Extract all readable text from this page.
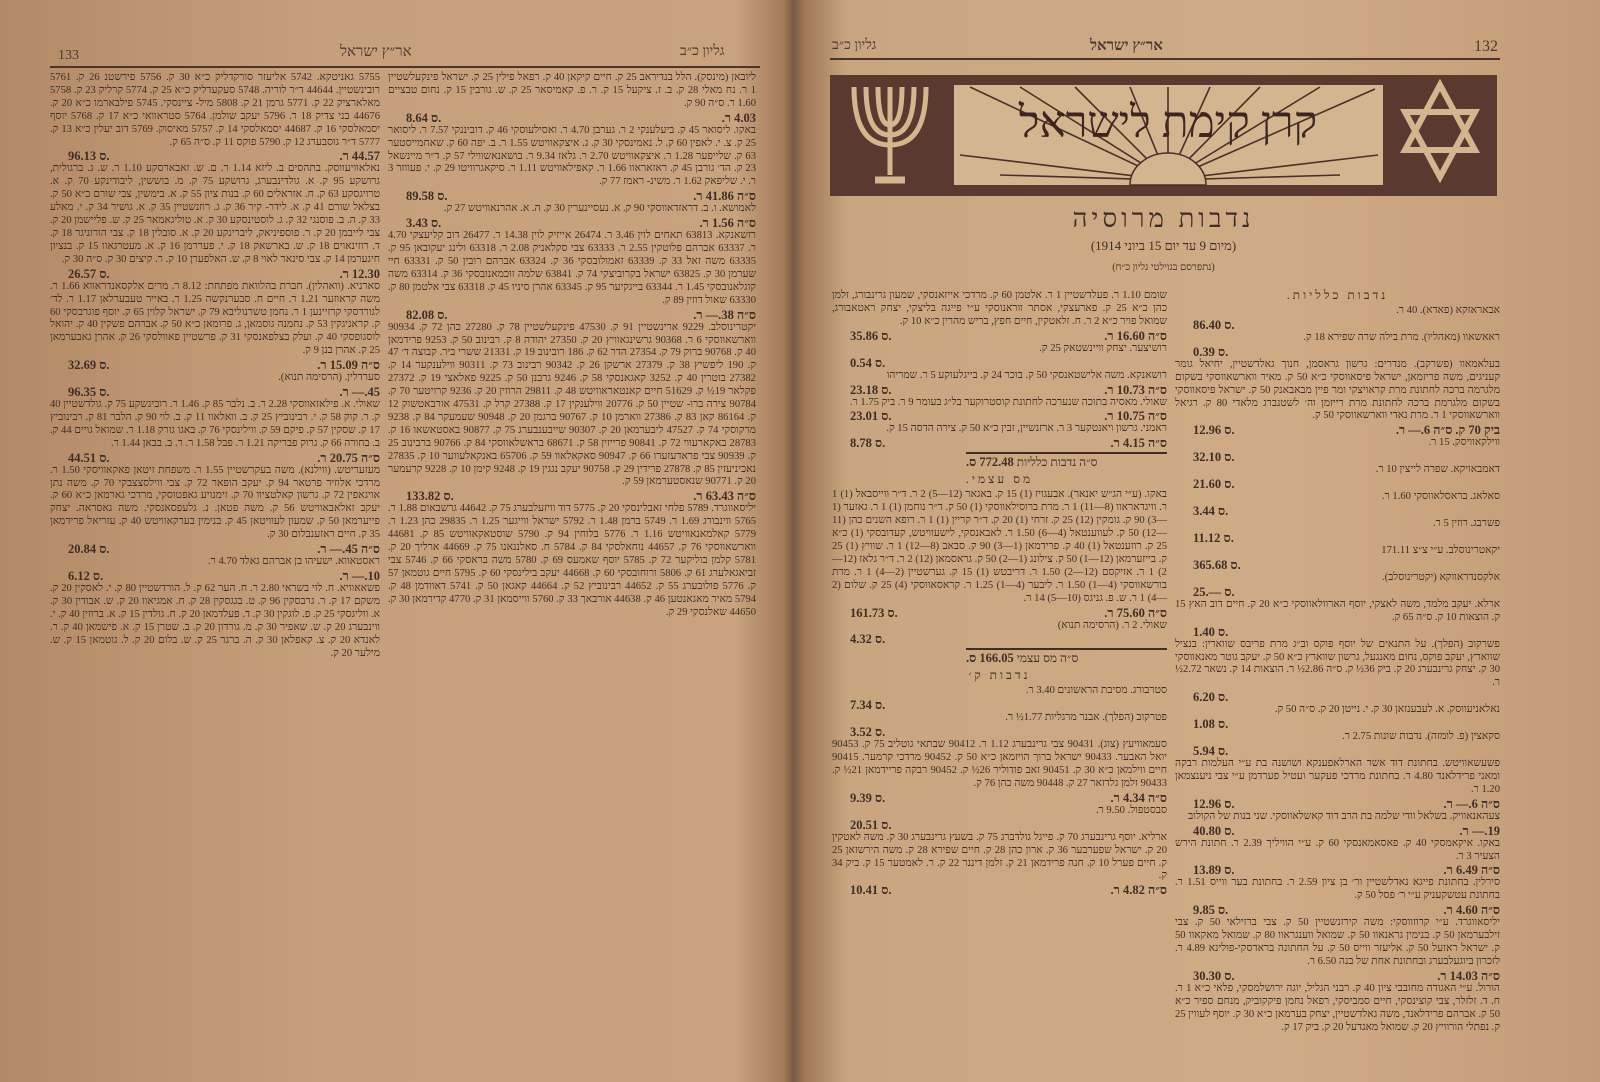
133	אר״ץ ישראל	גליון כ״ב
5755 גאניטקא. 5742 אליעזר סורקדליק כ״א 30 ק. 5756 פירשטנ 26 ק. 5761 רובינשטיין. 44644 ד״ר לוריה. 5748 סעקעדליק כ״א 25 ק. 5774 קרליק 23 ק. 5758 מאלארציק 22 ק. 5771 גרמן 21 ק. 5808 מיל- ציינסקי. 5745 פילבארמו כ״א 20 ק. 44676 בני צדיק 18 ר. 5796 יעקב שולמן. 5764 סטראוואי כ״א 17 ק. 5768 יוסף יסמאלסקי 16 ק. 44687 יסמאלסקי 14 ק. 5757 מאיסוק. 5769 דוב יעלין כ״א 13 ק. 5777 ד״ר גוסבערג 12 ק. 5790 פוקס 11 ק. ס״ה 65 ק.
44.57 ר.
96.13 ס.
נאלאוויעווסק. בתהסים ב. ליזא 1.14 ר. ם. ש. זאבארסקע 1.10 ר. ש. ג. ברגולית, גרושקע 95 ק. א. גולדינבערג, גרושקע 75 ק. מ. בוששין, ליבודינקע 70 ק. א. טרויגסקע 63 ק. ח. אזראלים 60 ק. בנות ציון 55 ק. א. בימשין, צבי שורם כ״א 50 ק. בצלאל שורם 41 ק. א. לידר- קיר 36 ק. ג. רוזנשטיין 35 ק. א. גושיר 34 ק. י. מאלע 33 ק. ה. ב. פוסנגי 32 ק. ג. לוסטינסקע 30 ק. א. טוליגאמאר 25 ק. ש. פליישמן 20 ק. צבי לייבמן 20 ק. ר. פוספיניאק, ליברינקע 20 ק. א. סובלין 18 ק. צבי הורוניגר 18 ק. ד. רוזינאוים 18 ק. ש. בארשאק 18 ק. י. פעררמן 16 ק. א. מעטרגאוו 15 ק. בנציון חיגערמן 14 ק. צבי סינאר לאוי 8 ק. ש. האלפערן 10 ק. ר. קיצים 30 ק. ס״ה 30 ק.
12.30 ר.
26.57 ס.
סארניא. (וואהלין). חברת בהלוואת מפתחת: 8.12 ר. מרים אלקסאנדראווא 1.66 ר. משה קראוזער 1.21 ר. חיים ח. סבערנקשה 1.25 ר. באייר טעבערלאן 1.17 ר. לד׳ לגורדסקי קרזיינען 1 ר. נחמן טשרנוליבא 79 ק. ישראל קלוין 65 ק. יוסף פוגרבסקי 60 ק. קראניגקין 53 ק. נחמנה גוסמאן, ג. פרומאן כ״א 50 ק. אברהם פשקין 40 ק. יהואל לוסגופסקי 40 ק. ועלק בצלפאנסקי 31 ק. פרשטיין פאוולסקי 26 ק. אהרן גאבערמאן 25 ק. אהרן בנן 9 ק.
ס״ה 15.09 ר.
32.69 ס.
סערדלין. (הרסימה תנוא).
45.— ר.
96.35 ס.
שאולי. א. פילאזאווסקי 2.28 ר. ב. נלבר 85 ק. 1.46 ר. רוביגשקע 75 ק. גולדשטיין 40 ק. ר. קוק 58 ק. י. רבינוביץ 25 ק. ב. וואלאוו 11 ק. ב. לוי 90 ק. הלבר 81 ק. רבינוביץ 17 ק. שסקין 57 ק. פיקם 59 ק. ווילינסקי 76 ק. באגו גורק 1.18 ר. שמואל גויים 44 ק. ב. בחורה 66 ק. גרוק פבריקה 1.21 ר. פבל 1.58 ר. ר. ב. בבאן 1.44 ר.
ס״ה 20.75 ר.
44.51 ס.
מעזעריטש. (ווילנא). משה בעקרשטיין 1.55 ר. משפחת זיטאן פאקאוויסקי 1.50 ר. מרדכי אלוזיר פרטאר 94 ק. יעקב הופאר 72 ק. צבי ווילסצצבקי 70 ק. משה נתן אויגאפין 72 ק. גרשון קאלטציוו 70 ק. זימנויע גאפטוסקי, מרדכי גארמאן כ״א 60 ק. יעקב זאלאבאוויטש 56 ק. משה פטאן. נ. גלעפסאנסקי. משה גאסראה. יצחק פייערמאן 50 ק. שמעון לעוויטאן 45 ק. בנימין בערקאוויטש 40 ק. עזריאל פרידמאן 35 ק. חיים ראזענבלום 30 ק.
ס״ה 45.— ר.
20.84 ס.
ראסטאווא. ישעיהו בן אברהם גאלד 4.70 ר.
10.— ר.
6.12 ס.
פשאאוויא. ח. לוי בשראי 2.80 ר. ח. הער 62 ק. ל. הורדשטיין 80 ק. י. לאסקין 20 ק. משקם 17 ק. ר. גרבסקין 96 ק. ט. בגגסקין 28 ק. ח. אמגיאוו 20 ק. ש. אבודין 30 ק. א. ווליגסקי 25 ק. פ. לוגקין 30 ק. ד. פעלדמאן 20 ק. ח. גולדין 15 ק. א. ברוזין 40 ק. י. ווינבערג 20 ק. ש. שאפיר 30 ק. מ. גורדון 20 ק. ב. שטרן 15 ק. א. פישמאן 40 ק. ר. לאנדא 20 ק. צ. קאפלאן 30 ק. ה. ברגר 25 ק. ש. בלום 20 ק. ל. גוטמאן 15 ק. ש. מילער 20 ק.
ליובאן (מינסק). הלל בנדיראב 25 ק. חיים קיקאן 40 ק. רפאל פילין 25 ק. ישראל פינקעלשטיין 1 ר. נח מאלי 28 ק. ב. ז. ציקעל 15 ק. ר. פ. קאמיסאר 25 ק. ש. גורבין 15 ק. נחום טבציים 1.60 ר. ס״ה 90 ק.
4.03 ר.
8.64 ס.
באקו. ליסואר 45 ק. ביעלענקי 2 ר. גערבן 4.70 ר. ואסילעוסקי 46 ק. דוביננקי 7.57 ר. ליסואר 25 ק. צ. י. לאפין 60 ק. ל. נאמינסקי 30 ק. ג. איצקאוויטש 1.55 ר. ב. יפה 60 ק. שאחמייסטער 63 ק. שלייפער 1.28 ר. איצקאוויטש 2.70 ר. גלאז 9.34 ר. בושאנאשווילי 57 ק. ד״ר מיינשאל 23 ק. הד׳ גורבן 45 ק. ראזאראוו 1.66 ר. קאפילאוויטש 1.11 ר. סיקאגרוויטו 29 ק. י. פעווזר 3 ר. י. שליפאק 1.62 ר. משינ- ראמז 77 ק.
ס״ה 41.86 ר.
89.58 ס.
לאמושא. ו. ב. דראזדאווסקי 90 ק. א. נעסיינערין 30 ק. ה. א. אהרנאוויטש 27 ק.
ס״ה 1.56 ר.
3.43 ס.
רזשאנקא. 63813 תאחים לוין 3.46 ר. 26474 אייזיק לוין 14.38 ר. 26477 דוב קליעצקי 4.70 ר. 63337 אברהם פלוטקין 2.55 ר. 63333 צבי סקלאניק 2.08 ר. 63318 ולינג יעקובאן 95 ק. 63335 משה זאל 33 ק. 63339 זאמולובסקי 36 ק. 63324 אברהם רובין 50 ק. 63331 חיי שערמן 30 ק. 63825 ישראל בקרוביצקי 74 ק. 63841 שלמה זוכמאנובסקי 36 ק. 63314 משה קוגלאנובסקי 1.45 ר. 63344 בייגקיער 95 ק. 63345 אהרן סיניו 45 ק. 63318 צבי אלטמן 80 ק. 63330 שאול דוזין 89 ק.
ס״ה 38.— ר.
82.08 ס.
יקטרינוסלב. 9229 ארינשטיין 91 ק. 47530 פינקעלשטיין 78 ק. 27280 כהן 72 ק. 90934 ווארשאווסקי 6 ר. 90368 גרשינגאוויץ 20 ק. 27350 יהודה 8 ק. רבינוב 50 ק. 9253 פרידמאן 40 ק. 90768 ברוק 79 ק. 27354 הדר 62 ק. 186 רובינוב 19 ק. 21331 ששרי ביר. קבוצה ד׳ 47 ק. 190 ליפשיץ 38 ק. 27379 ארשקן 26 ק. 90342 רבינוב 73 ק. 90311 ווילענקער 14 ק. 27382 בוטרין 40 ק. 3252 קאגאנסקי 58 ק. 9246 גרבנן 50 ק. 9225 פאלאצי 19 ק. 27372 פקלאר 19½ ק. 51629 חיים קאנטאראוויטש 48 ק. 29811 הרוזין 20 ק. 9236 קרויטער 70 ק. 90784 צירה ברו- שטיין 50 ק. 20776 ווילענקין 17 ק. 27388 קרל ק. 47531 אורבאטשוק 12 ק. 86164 קאן 83 ק. 27386 ווארמן 10 ק. 90767 ברגמן 20 ק. 90948 שעמעקר 84 ק. 9238 מרקוסקי 74 ק. 47527 ליבערמאן 20 ק. 90307 שייבענבערג 75 ק. 90877 באסטאשאו 16 ק. 28783 באקארעווי 72 ק. 90841 פרייזין 58 ק. 68671 בראשלאווסקי 84 ק. 90766 ברבינוב 25 ק. 90939 צבי פראדעזערו 66 ק. 90947 סאקאלאוו 59 ק. 65706 באנקאלעווער 10 ק. 27835 נאכיניעזין 85 ק. 27878 פרידין 29 ק. 90758 יעקב נגגין 19 ק. 9248 קימן 10 ק. 9228 קרעמער 20 ק. 90771 שנאסטערמאן 59 ק.
ס״ה 63.43 ר.
133.82 ס.
יליסאווגרד. 5789 פלחי זאבלינסקי 20 ק. 5775 דוד וויזעלבערג 75 ק. 44642 גרשבאום 1.88 ר. 5765 ווינבורג 1.69 ר. 5749 ברמן 1.48 ר. 5792 ישראל ווייגער 1.25 ר. 29835 כהן 1.23 ר. 5779 קאלמאנאוויטש 1.16 ר. 5776 בלוחין 94 ק. 5790 שוסטאקאוויטש 85 ק. 44681 ווארשאווסקי 76 ק. 44657 נוחאלסקי 84 ק. 5784 ח. סאלנגאנו 75 ק. 44669 ארליך 20 ק. 5781 קלמן בוליקער 72 ק. 5785 יוסף שאמעס 69 ק. 5780 משה בראסקי 66 ק. 5746 צבי זביאגאלערג 61 ק. 5806 ורוחובסקי 60 ק. 44668 יעקב בילינסקי 60 ק. 5795 חיים גוטמאן 57 ק. 5776 פולובערג 55 ק. 44652 רבינוביץ 52 ק. 44664 קאגאן 50 ק. 5741 דאוודמן 48 ק. 5794 מאיר מאגאנטען 46 ק. 44638 אורבאך 33 ק. 5760 ווייסמאן 31 ק. 4770 קדירמאן 30 ק. 44650 שאלנסקי 29 ק.
גליון כ״ב	אר״ץ ישראל	132
קרן קימת לישראל
נדבות מרוסיה
(מיום 9 עד יום 15 ביוני 1914)
(נתפרסם בגוילטי גליון כ״ח)
נדבות כלליות.
אבאראזקא (פאדא). 40 ר.
86.40 ס.
ראאשאוו (מאהליו). מרת בילה שרה שפירא 18 ק.
0.39 ס.
בעלאמאוו (פשרקב). מנדרים: גרשון גראסמן, חנוך גאלדשטיין, יחיאל גומר קעניגים, משה פריזמאן, ישראל פיסאווסקי כ״א 50 ק. מאיר ווארשאווסקי בשקום מלגרמה ברכה לחתונת מרת קראויצקי ומר פיין מבאבאנק 50 ק. ישראל פיסאווסקי בשקום מלגרמת ברכה לחתונת מרת רייזמן וה׳ לשטנברג מלאדי 80 ק. רגיאל ווארשאווסקי 1 ר. מרת נאדי ווארשאווסקי 50 ק.
ביק 70 ק. ס״ה 6.— ר.
12.96 ס.
ווילקאוויסק. 15 ר.
32.10 ס.
דאמבאויקא. שפרה לייצין 10 ר.
21.60 ס.
סאלאג. בראסלאווסקי 1.60 ר.
3.44 ס.
פשרבג. רוזין 5 ר.
11.12 ס.
יקאטרינוסלב. ע״י צ״צ 171.11
365.68 ס.
אלקסנדראווקא (יקטרינוסלב).
25.— ס.
ארלא. יעקב מלמד, משה לאצקי, יוסף הארוולאווסקי כ״א 20 ק. חיים דוב האץ 15 ק. הוצאות 10 ק. ס״ה 65 ק.
1.40 ס.
פשרקוב (הפלך). על התנאים של יוסף פוקס וב״ג מרת פריבס שווארין: בנציל שווארץ, יעקב פוקס, נחום מאנגעל, גרשון שווארץ כ״א 50 ק. יעקב גוטר מאנאווסקי 30 ק. יצחק גרינבערג 20 ק. ביק 36½ ק. ס״ה 2.86½ ר. הוצאות 14 ק. נשאר 2.72½ ר.
6.20 ס.
נאלאניעווסק. א. לעבענזאן 30 ק. י. נייטן 20 ק. ס״ה 50 ק.
1.08 ס.
סקאצין (פ. לומזה). נדבות שונות 2.75 ר.
5.94 ס.
פשעשאוויטש. בחתונת דוד אשר הארלאפענקא ושושנה בת ע״י העלמות רבקה ומאני פרידלאנד 4.80 ר. בחתונת מרדכי פעקער ועטיל פערדמן ע״י צבי ניענצמאן 1.20 ר.
ס״ה 6.— ר.
12.96 ס.
צעהאנאוויק. בשלאל וודי שלמה בת הרב דוד קאשלאווסקי. שני בנות של הקולוב
19.— ר.
40.80 ס.
באקו. איקאמסקי 40 ק. פאסאמאנסקי 60 ק. ע״י הוויליך 2.39 ר. חתונת הירש הצעיר 3 ר.
ס״ה 6.49 ר.
13.89 ס.
סירלין. בחתונת פייגא נאדלשטיין ור׳ בן ציון 2.59 ר. בחתונת בער ווייס 1.51 ר. בחתונת עטשקעניק ע״י ר׳ פסל 50 ק.
ס״ה 4.60 ר.
9.85 ס.
יליסאווגרד. ע״י קרוזווסקי: משה קירזנשטיין 50 ק. צבי ברזילאי 50 ק. צבי זילבערמאן 50 ק. בנימין גראנאוו 50 ק. שמואל ווענגראוו 80 ק. שמואל מאקאוו 50 ק. ישראל ראזעל 50 ק. אליעזר ווייס 50 ק. על החתונה בראדסקי-פולינא 4.89 ר. לזכרון ביוגעלבערג ובחתונת אחת של בנה 6.50 ר.
ס״ה 14.03 ר.
30.30 ס.
הורול. ע״י האגודה מחובבי ציון 40 ק. רבני הגליל, יוגה ירושלמסקי, פלאי כ״א 1 ר. ח. ד. זלזלר, צבי קוצינסקי, חיים סמביסקי, רפאל נחמן פיקקוביק, מנחם ספיר כ״א 50 ק. אברהם פרידלאנד, משה גאלדשטיין, יצחק בערמאן כ״א 30 ק. יוסף לעווין 25 ק. נפתלי הורוויץ 20 ק. שמואל מאנדעל 20 ק. ביק 17 ק.
שומם 1.10 ר. פעלדשטיין 1 ר. אלטמן 60 ק. מרדכי אייזאנסקי, שמעון גרינבורג, זלמן כהן כ״א 25 ק. פארעצקי, אסתר ווראנוסקי ע״י פייגה בליצקי, יצחק ראטאבורג, שמואל פויר כ״א 2 ר. ח. זלאטקין, חיים חפץ, בריש מהרין כ״א 10 ק.
ס״ה 16.60 ר.
35.86 ס.
רושיצער. יצחק וויינשטאק 25 ק.
0.54 ס.
רושאנקא. משה אלישטאנסקי 50 ק. בוכר 24 ק. בייגלעוקע 5 ר. שמריהו
ס״ה 10.73 ר.
23.18 ס.
שאולי. מאסיה בתוכה שנערכה לחתונת קוסטרוקער בל״ג בעומר 9 ר. ביק 1.75 ר.
ס״ה 10.75 ר.
23.01 ס.
ראמני. גרשון ויאנטקער 3 ר. ארזנשיין, זבין כ״א 50 ק. צירה הדסה 15 ק.
ס״ה 4.15 ר.
8.78 ס.
ס״ה נדבות כלליות 772.48 ס.
מס עצמי.
באקו. (ע״י הג״ש יאנאר). אבעגויז (1) 15 ק. באגאר (12—5) 2 ר. ד״ר ווייסבאל (1) 1 ר. וויגדאראוו (8—11) 1 ר. מרת ברוסילאווסקי (1) 50 ק. ד״ר נוחמן (1) 1 ר. גאזער (1—3) 90 ק. גומקין (12) 25 ק. זרחי (1) 20 ק. ד״ר קריין (1) 1 ר. רופא השנים כהן (11—12) 50 ק. לעווענטאל (4—6) 1.50 ר. לאבאנסקי, לישעוויטש, קעדובסקי (1) כ״א 25 ק. רוזענטאל (1) 40 ק. פרידמאן (1—3) 90 ק. סבאב (8—12) 1 ר. שוויץ (1) 25 ק. בייזערמאן (12—1) 50 ק. צילונג (1—2) 50 ק. גראסמאן (12) 2 ר. ד״ר גלאז (12—2) 1 ר. אזיקסם (12—2) 1.50 ר. דריבטש (1) 15 ק. גערשטיין (2—4) 1 ר. מרת בורשאווסקי (4—1) 1.50 ר. ליבער (4—1) 1.25 ר. קראסאווסקי (4) 25 ק. שלום (2—4) 1 ר. ש. פ. גניגס (10—5) 14 ר.
ס״ה 75.60 ר.
161.73 ס.
שאולי. 2 ר. (הרסימה תנוא)
4.32 ס.
ס״ה מס עצמי 166.05 ס.
נדבות ק׳
סטרבורג. מסיבת הראשונים 3.40 ר.
7.34 ס.
פטרקוב (הפלך). אבנר מרגליות 1.77½ ר.
3.52 ס.
סעמאוויעץ (צוג). 90431 צבי גרינבערג 1.12 ר. 90412 שבתאי גוטליב 75 ק. 90453 יואל האבער. 90433 ישראל ברוך הויזמאן כ״א 50 ק. 90452 מרדכי קרמער. 90415 חיים ווילמאן כ״א 30 ק. 90451 זאב פודוליר 26½ ק. 90452 רבקה פריידמאן 21½ ק. 90433 זלמן גלדזאר 27 ק. 90448 משה כהן 76 ק.
ס״ה 4.34 ר.
9.39 ס.
סבסטפול. 9.50 ר.
20.51 ס.
ארליא. יוסף גרינבערג 70 ק. פייגל גולדברג 75 ק. בשעץ גרינבערג 30 ק. משה לאטקין 20 ק. ישראל שפערבער 36 ק. ארון כהן 28 ק. חיים שפירא 28 ק. משה הירשזאן 25 ק. חיים פערל 10 ק. חנה פרידמאן 21 ק. זלמן דיננר 22 ק. ר. לאמטער 15 ק. ביק 34 ק.
ס״ה 4.82 ר.
10.41 ס.
